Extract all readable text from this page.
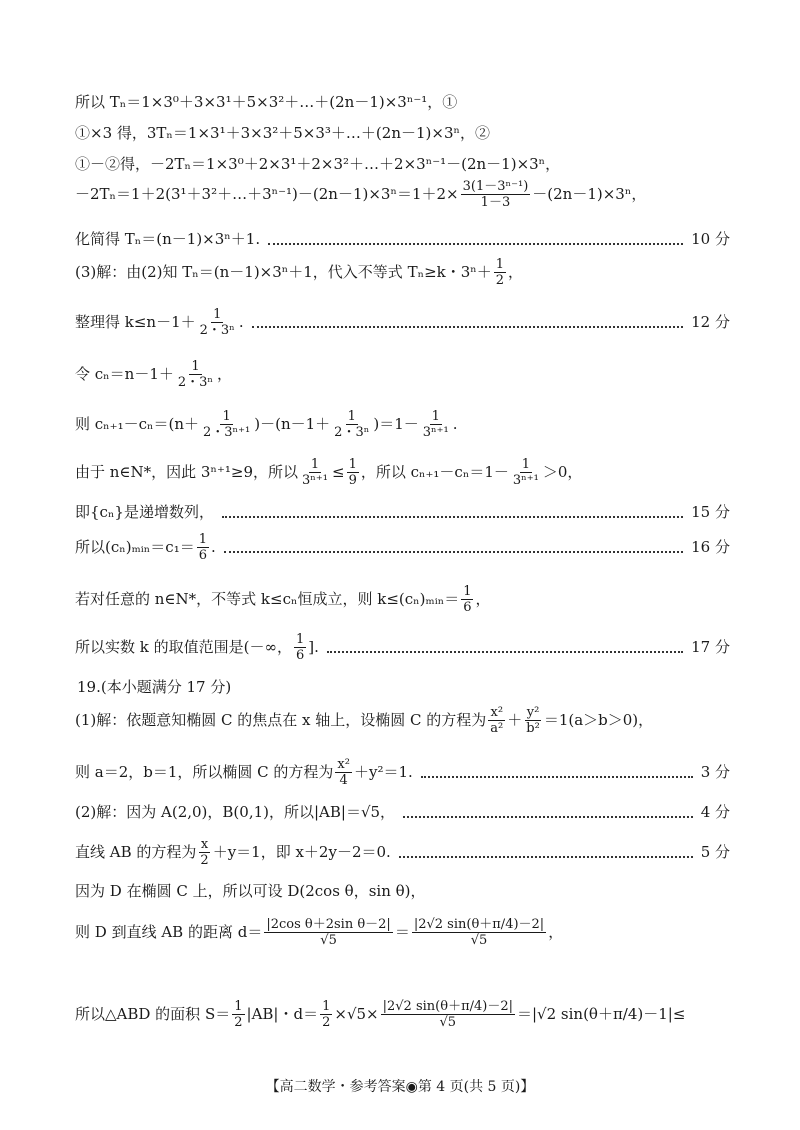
所以 Tₙ＝1×3⁰＋3×3¹＋5×3²＋…＋(2n－1)×3ⁿ⁻¹，①
①×3 得，3Tₙ＝1×3¹＋3×3²＋5×3³＋…＋(2n－1)×3ⁿ，②
①－②得，－2Tₙ＝1×3⁰＋2×3¹＋2×3²＋…＋2×3ⁿ⁻¹－(2n－1)×3ⁿ，
－2Tₙ＝1＋2(3¹＋3²＋…＋3ⁿ⁻¹)－(2n－1)×3ⁿ＝1＋2× $\frac{\text{3(1－3ⁿ⁻¹)}}{1-3} -(2n-1)\times 3^n$，
化简得 Tₙ＝(n－1)×3ⁿ＋1.	10 分
(3)解：由(2)知 Tₙ＝(n－1)×3ⁿ＋1，代入不等式 Tₙ≥k・$3^n+ \frac{1}{2}$ ，
整理得 $k\le n-1+ \frac{1}{\text{2・3ⁿ}}$ .	12 分
令 $c_n=n-1+ \frac{1}{\text{2・3ⁿ}}$ ，
则 $c_{n+1}-c_n= (n+ \frac{1}{\text{2・3ⁿ⁺¹}} )-(n-1+ \frac{1}{\text{2・3ⁿ}} )=1- \frac{1}{\text{3ⁿ⁺¹}}$ .
由于 n∈N*，因此 3ⁿ⁺¹≥9，所以 $\frac{1}{\text{3ⁿ⁺¹}} \le \frac{1}{9}$ ，所以 $c_{n+1}-c_n=1- \frac{1}{\text{3ⁿ⁺¹}} >0$，
即{cₙ}是递增数列，	15 分
所以(cₙ)ₘᵢₙ＝c₁＝ $\frac{1}{6}$ .	16 分
若对任意的 n∈N*，不等式 k≤cₙ恒成立，则 k≤(cₙ)ₘᵢₙ＝ $\frac{1}{6}$ ，
所以实数 k 的取值范围是 (－∞， $\frac{1}{6}$ ].	17 分
19.(本小题满分 17 分)
(1)解：依题意知椭圆 C 的焦点在 x 轴上，设椭圆 C 的方程为 $\frac{\text{x²}}{\text{a²}} + \frac{\text{y²}}{\text{b²}} =1(a>b>0)$，
则 a＝2，b＝1，所以椭圆 C 的方程为 $\frac{\text{x²}}{4} +y^2=1$.	3 分
(2)解：因为 A(2,0)，B(0,1)，所以|AB|＝√5，	4 分
直线 AB 的方程为 $\frac{x}{2} +y=1$，即 x＋2y－2＝0.	5 分
因为 D 在椭圆 C 上，所以可设 D(2cos θ，sin θ)，
则 D 到直线 AB 的距离 $d= \frac{\text{|2cos θ＋2sin θ－2|}}{√5} = \frac{|2√2 \sin(\theta+\pi/4)-2|}{√5}$ ，
所以△ABD 的面积 $S= \frac{1}{2} |AB|$・$d= \frac{1}{2} \times√5\times \frac{|2√2 \sin(\theta+\pi/4)-2|}{√5} =|√2$ sin(θ＋π/4)－1|≤
【高二数学・参考答案◉第 4 页(共 5 页)】
